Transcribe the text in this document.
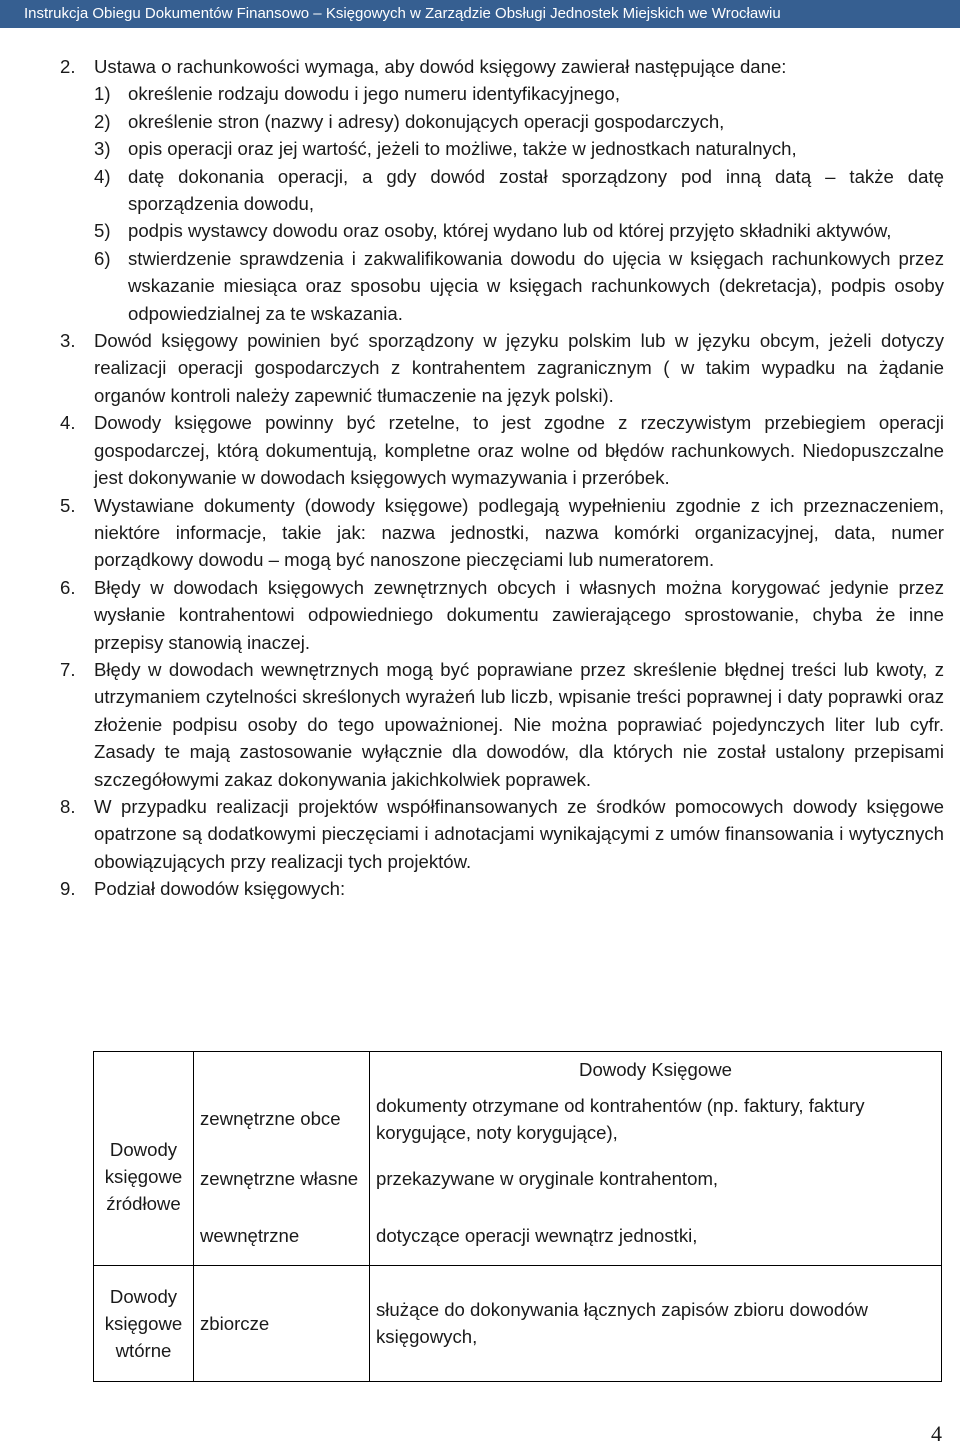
Instrukcja Obiegu Dokumentów Finansowo – Księgowych w Zarządzie Obsługi Jednostek Miejskich we Wrocławiu
2. Ustawa o rachunkowości wymaga, aby dowód księgowy zawierał następujące dane:
1) określenie rodzaju dowodu i jego numeru identyfikacyjnego,
2) określenie stron (nazwy i adresy) dokonujących operacji gospodarczych,
3) opis operacji oraz jej wartość, jeżeli to możliwe, także w jednostkach naturalnych,
4) datę dokonania operacji, a gdy dowód został sporządzony pod inną datą – także datę sporządzenia dowodu,
5) podpis wystawcy dowodu oraz osoby, której wydano lub od której przyjęto składniki aktywów,
6) stwierdzenie sprawdzenia i zakwalifikowania dowodu do ujęcia w księgach rachunkowych przez wskazanie miesiąca oraz sposobu ujęcia w księgach rachunkowych (dekretacja), podpis osoby odpowiedzialnej za te wskazania.
3. Dowód księgowy powinien być sporządzony w języku polskim lub w języku obcym, jeżeli dotyczy realizacji operacji gospodarczych z kontrahentem zagranicznym ( w takim wypadku na żądanie organów kontroli należy zapewnić tłumaczenie na język polski).
4. Dowody księgowe powinny być rzetelne, to jest zgodne z rzeczywistym przebiegiem operacji gospodarczej, którą dokumentują, kompletne oraz wolne od błędów rachunkowych. Niedopuszczalne jest dokonywanie w dowodach księgowych wymazywania i przeróbek.
5. Wystawiane dokumenty (dowody księgowe) podlegają wypełnieniu zgodnie z ich przeznaczeniem, niektóre informacje, takie jak: nazwa jednostki, nazwa komórki organizacyjnej, data, numer porządkowy dowodu – mogą być nanoszone pieczęciami lub numeratorem.
6. Błędy w dowodach księgowych zewnętrznych obcych i własnych można korygować jedynie przez wysłanie kontrahentowi odpowiedniego dokumentu zawierającego sprostowanie, chyba że inne przepisy stanowią inaczej.
7. Błędy w dowodach wewnętrznych mogą być poprawiane przez skreślenie błędnej treści lub kwoty, z utrzymaniem czytelności skreślonych wyrażeń lub liczb, wpisanie treści poprawnej i daty poprawki oraz złożenie podpisu osoby do tego upoważnionej. Nie można poprawiać pojedynczych liter lub cyfr. Zasady te mają zastosowanie wyłącznie dla dowodów, dla których nie został ustalony przepisami szczegółowymi zakaz dokonywania jakichkolwiek poprawek.
8. W przypadku realizacji projektów współfinansowanych ze środków pomocowych dowody księgowe opatrzone są dodatkowymi pieczęciami i adnotacjami wynikającymi z umów finansowania i wytycznych obowiązujących przy realizacji tych projektów.
9. Podział dowodów księgowych:
		Dowody Księgowe
Dowody księgowe źródłowe	zewnętrzne obce	dokumenty otrzymane od kontrahentów (np. faktury, faktury korygujące, noty korygujące),
	zewnętrzne własne	przekazywane w oryginale kontrahentom,
	wewnętrzne	dotyczące operacji wewnątrz jednostki,
Dowody księgowe wtórne	zbiorcze	służące do dokonywania łącznych zapisów zbioru dowodów księgowych,
4
